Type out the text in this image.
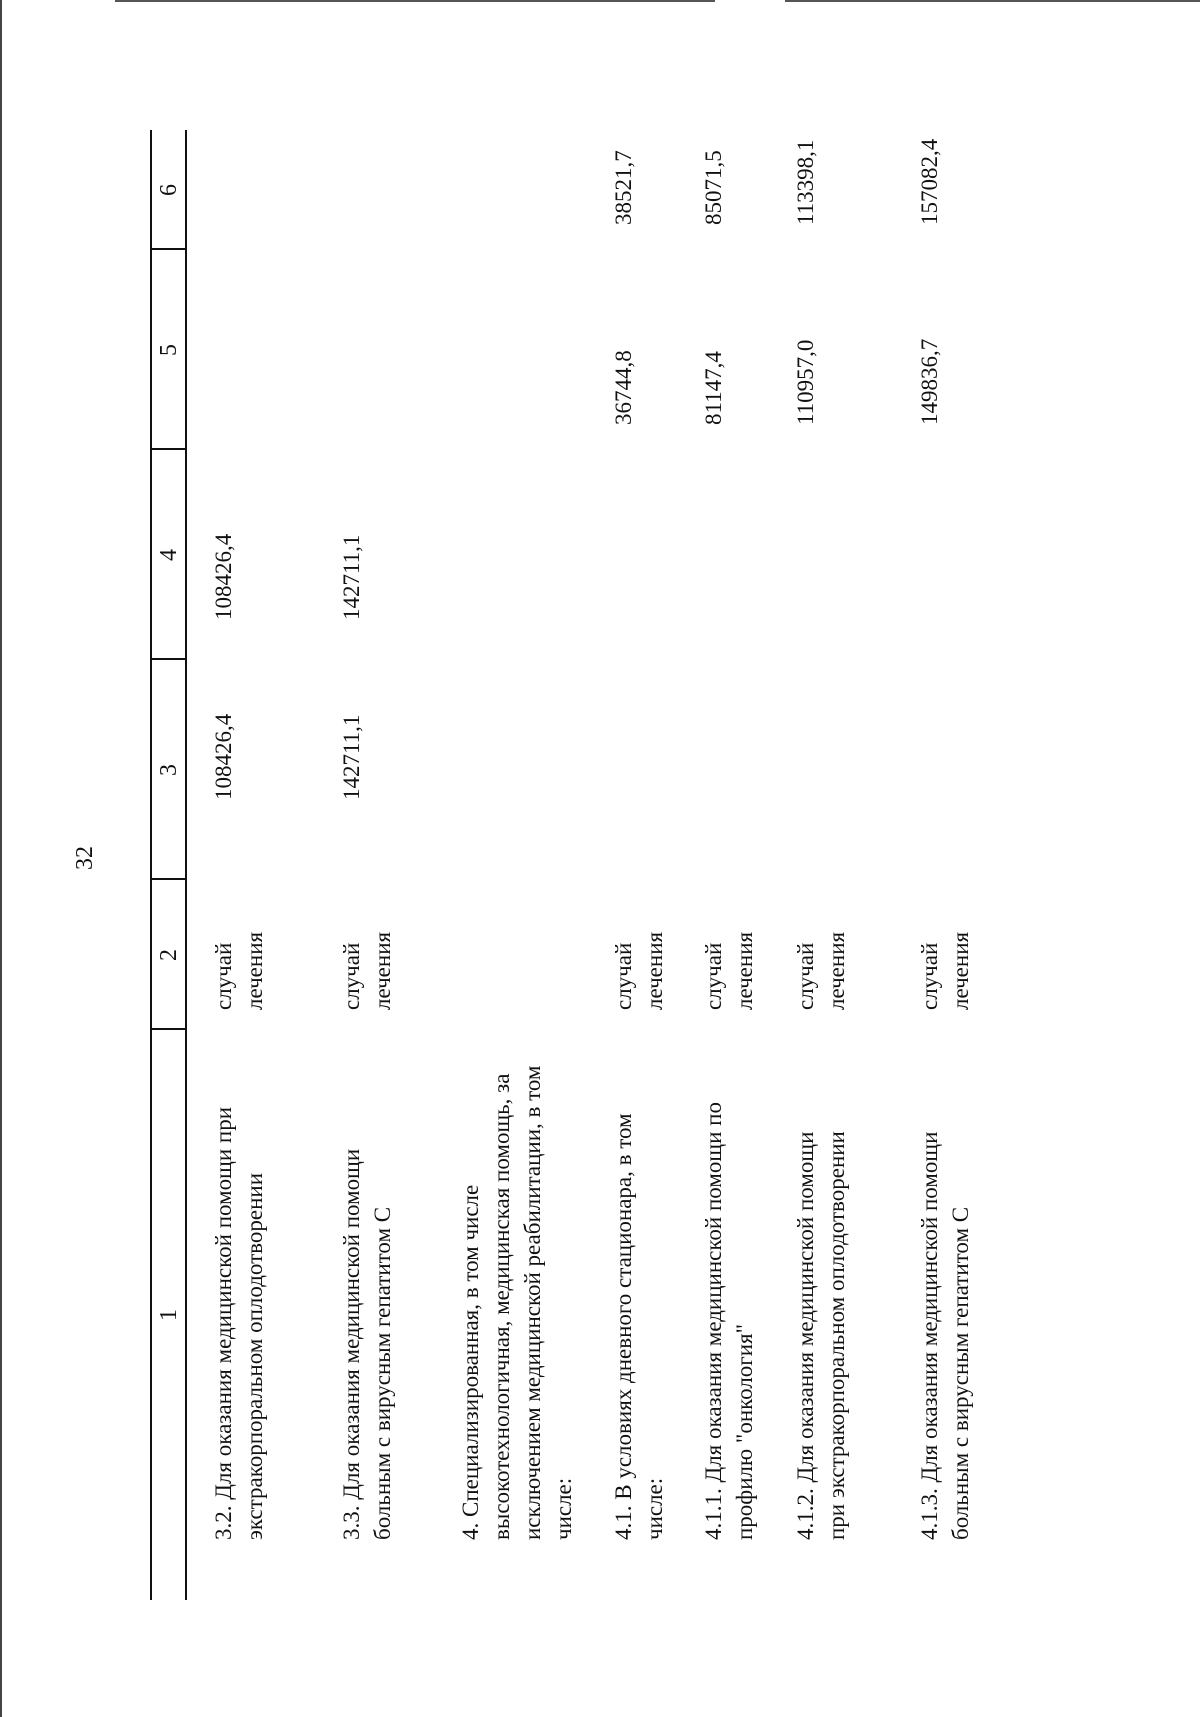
32
1
2
3
4
5
6
3.2. Для оказания медицинской помощи при экстракорпоральном оплодотворении
случай лечения
108426,4
108426,4
3.3. Для оказания медицинской помощи больным с вирусным гепатитом С
случай лечения
142711,1
142711,1
4. Специализированная, в том числе высокотехнологичная, медицинская помощь, за исключением медицинской реабилитации, в том числе: 4.1. В условиях дневного стационара, в том числе:
случай лечения
36744,8
38521,7
4.1.1. Для оказания медицинской помощи по профилю "онкология"
случай лечения
81147,4
85071,5
4.1.2. Для оказания медицинской помощи при экстракорпоральном оплодотворении
случай лечения
110957,0
113398,1
4.1.3. Для оказания медицинской помощи больным с вирусным гепатитом С
случай лечения
149836,7
157082,4
